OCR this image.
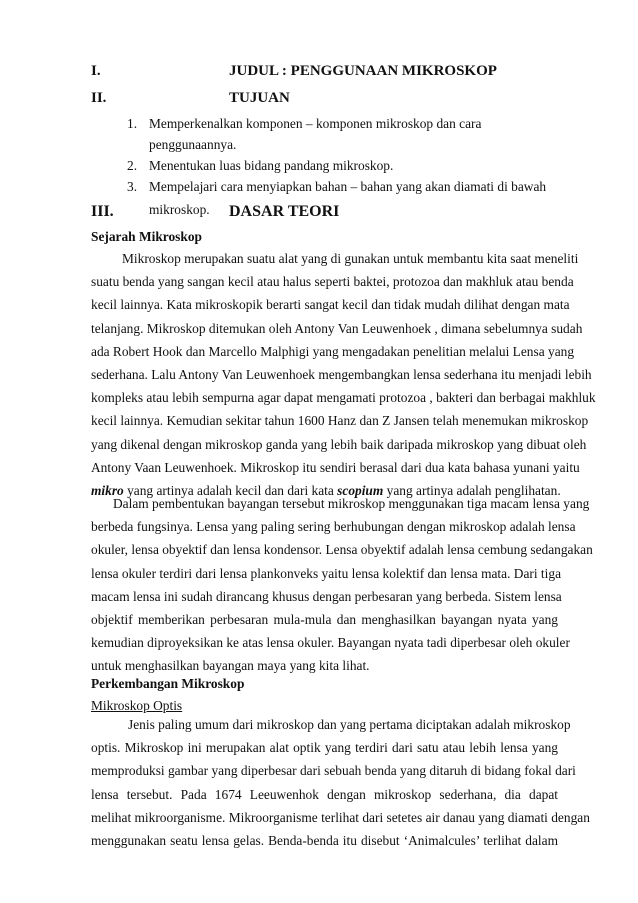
I.	JUDUL : PENGGUNAAN MIKROSKOP
II.	TUJUAN
1. Memperkenalkan komponen – komponen mikroskop dan cara penggunaannya.
2. Menentukan luas bidang pandang mikroskop.
3. Mempelajari cara menyiapkan bahan – bahan yang akan diamati di bawah
mikroskop.
III.	DASAR TEORI
Sejarah Mikroskop
Mikroskop merupakan suatu alat yang di gunakan untuk membantu kita saat meneliti
suatu benda yang sangan kecil atau halus seperti baktei, protozoa dan makhluk atau benda
kecil lainnya. Kata mikroskopik berarti sangat kecil dan tidak mudah dilihat dengan mata
telanjang. Mikroskop ditemukan oleh Antony Van Leuwenhoek , dimana sebelumnya sudah
ada Robert Hook dan Marcello Malphigi yang mengadakan penelitian melalui Lensa yang
sederhana. Lalu Antony Van Leuwenhoek mengembangkan lensa sederhana itu menjadi lebih
kompleks atau lebih sempurna agar dapat mengamati protozoa , bakteri dan berbagai makhluk
kecil lainnya. Kemudian sekitar tahun 1600 Hanz dan Z Jansen telah menemukan mikroskop
yang dikenal dengan mikroskop ganda yang lebih baik daripada mikroskop yang dibuat oleh
Antony Vaan Leuwenhoek. Mikroskop itu sendiri berasal dari dua kata bahasa yunani yaitu
mikro yang artinya adalah kecil dan dari kata scopium yang artinya adalah penglihatan.
Dalam pembentukan bayangan tersebut mikroskop menggunakan tiga macam lensa yang
berbeda fungsinya. Lensa yang paling sering berhubungan dengan mikroskop adalah lensa
okuler, lensa obyektif dan lensa kondensor. Lensa obyektif adalah lensa cembung sedangakan
lensa okuler terdiri dari lensa plankonveks yaitu lensa kolektif dan lensa mata. Dari tiga
macam lensa ini sudah dirancang khusus dengan perbesaran yang berbeda. Sistem lensa
objektif memberikan perbesaran mula-mula dan menghasilkan bayangan nyata yang
kemudian diproyeksikan ke atas lensa okuler. Bayangan nyata tadi diperbesar oleh okuler
untuk menghasilkan bayangan maya yang kita lihat.
Perkembangan Mikroskop
Mikroskop Optis
Jenis paling umum dari mikroskop dan yang pertama diciptakan adalah mikroskop
optis. Mikroskop ini merupakan alat optik yang terdiri dari satu atau lebih lensa yang
memproduksi gambar yang diperbesar dari sebuah benda yang ditaruh di bidang fokal dari
lensa tersebut. Pada 1674 Leeuwenhok dengan mikroskop sederhana, dia dapat
melihat mikroorganisme. Mikroorganisme terlihat dari setetes air danau yang diamati dengan
menggunakan seatu lensa gelas. Benda-benda itu disebut ‘Animalcules’ terlihat dalam
